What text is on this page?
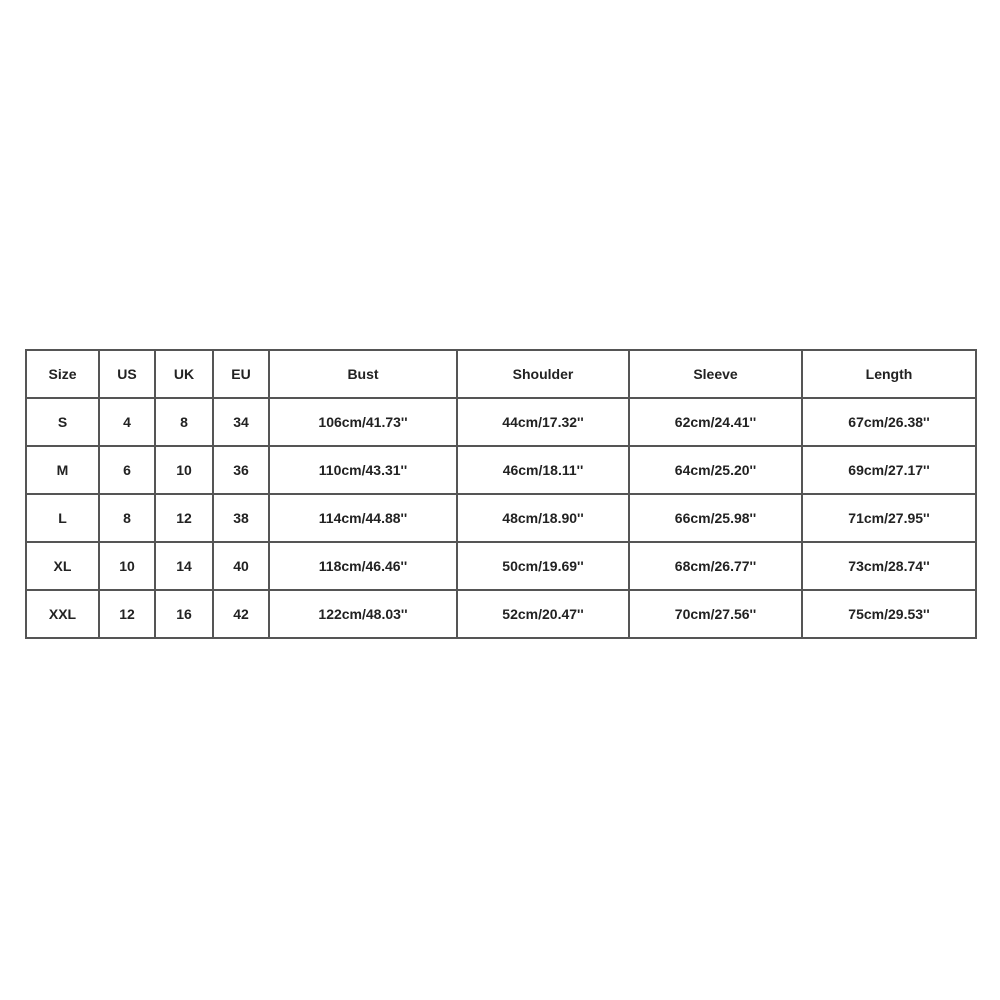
Size	US	UK	EU	Bust	Shoulder	Sleeve	Length
S	4	8	34	106cm/41.73''	44cm/17.32''	62cm/24.41''	67cm/26.38''
M	6	10	36	110cm/43.31''	46cm/18.11''	64cm/25.20''	69cm/27.17''
L	8	12	38	114cm/44.88''	48cm/18.90''	66cm/25.98''	71cm/27.95''
XL	10	14	40	118cm/46.46''	50cm/19.69''	68cm/26.77''	73cm/28.74''
XXL	12	16	42	122cm/48.03''	52cm/20.47''	70cm/27.56''	75cm/29.53''
